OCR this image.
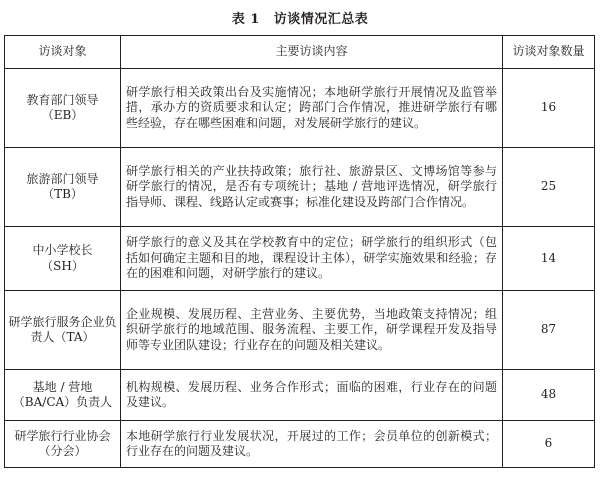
表 1 访谈情况汇总表
访谈对象	主要访谈内容	访谈对象数量
教育部门领导
（EB）	研学旅行相关政策出台及实施情况；本地研学旅行开展情况及监管举措，承办方的资质要求和认定；跨部门合作情况，推进研学旅行有哪些经验，存在哪些困难和问题，对发展研学旅行的建议。	16
旅游部门领导
（TB）	研学旅行相关的产业扶持政策；旅行社、旅游景区、文博场馆等参与研学旅行的情况，是否有专项统计；基地 / 营地评选情况，研学旅行指导师、课程、线路认定或赛事；标准化建设及跨部门合作情况。	25
中小学校长
（SH）	研学旅行的意义及其在学校教育中的定位；研学旅行的组织形式（包括如何确定主题和目的地，课程设计主体），研学实施效果和经验；存在的困难和问题，对研学旅行的建议。	14
研学旅行服务企业负责人（TA）	企业规模、发展历程、主营业务、主要优势，当地政策支持情况；组织研学旅行的地域范围、服务流程、主要工作，研学课程开发及指导师等专业团队建设；行业存在的问题及相关建议。	87
基地 / 营地
（BA/CA）负责人	机构规模、发展历程、业务合作形式；面临的困难，行业存在的问题及建议。	48
研学旅行行业协会（分会）	本地研学旅行行业发展状况，开展过的工作；会员单位的创新模式；行业存在的问题及建议。	6
